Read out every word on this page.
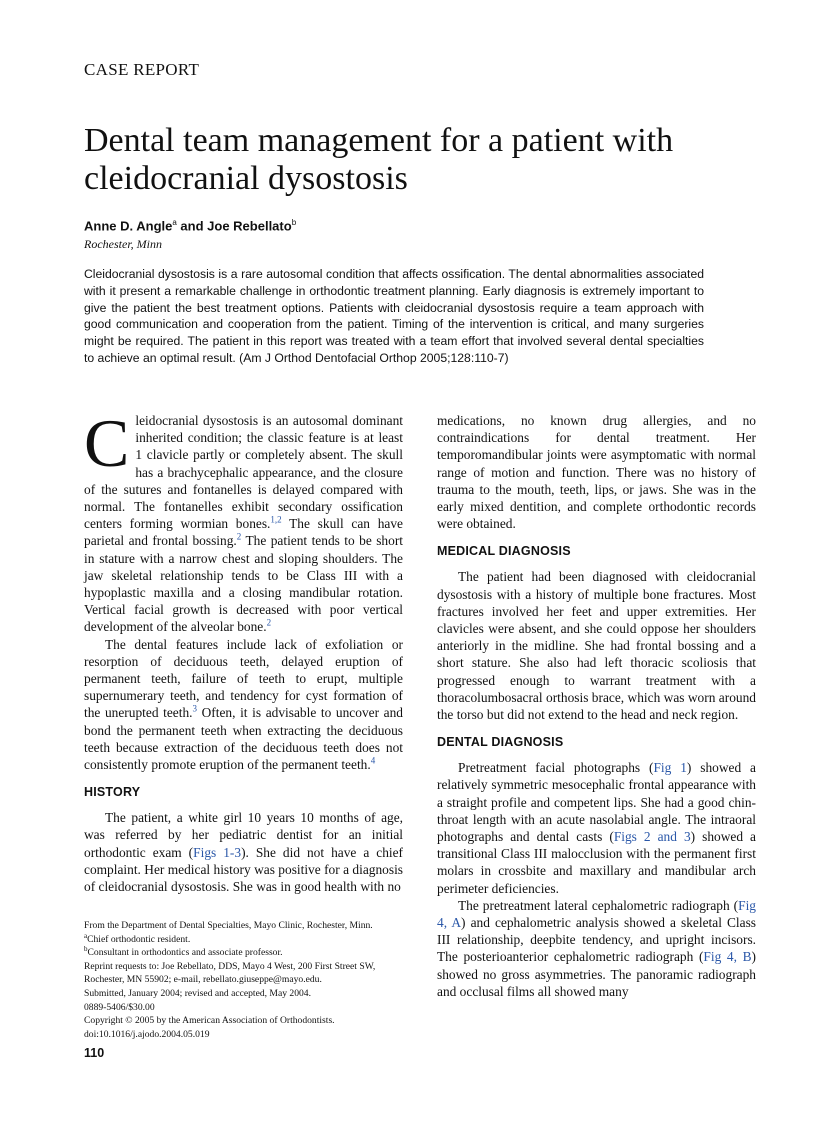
CASE REPORT
Dental team management for a patient with cleidocranial dysostosis
Anne D. Angle$^a$ and Joe Rebellato$^b$
Rochester, Minn

Cleidocranial dysostosis is a rare autosomal condition that affects ossification. The dental abnormalities associated with it present a remarkable challenge in orthodontic treatment planning. Early diagnosis is extremely important to give the patient the best treatment options. Patients with cleidocranial dysostosis require a team approach with good communication and cooperation from the patient. Timing of the intervention is critical, and many surgeries might be required. The patient in this report was treated with a team effort that involved several dental specialties to achieve an optimal result. (Am J Orthod Dentofacial Orthop 2005;128:110-7)

Cleidocranial dysostosis is an autosomal dominant inherited condition; the classic feature is at least 1 clavicle partly or completely absent. The skull has a brachycephalic appearance, and the closure of the sutures and fontanelles is delayed compared with normal. The fontanelles exhibit secondary ossification centers forming wormian bones.$^{1,2}$ The skull can have parietal and frontal bossing.$^2$ The patient tends to be short in stature with a narrow chest and sloping shoulders. The jaw skeletal relationship tends to be Class III with a hypoplastic maxilla and a closing mandibular rotation. Vertical facial growth is decreased with poor vertical development of the alveolar bone.$^2$

The dental features include lack of exfoliation or resorption of deciduous teeth, delayed eruption of permanent teeth, failure of teeth to erupt, multiple supernumerary teeth, and tendency for cyst formation of the unerupted teeth.$^3$ Often, it is advisable to uncover and bond the permanent teeth when extracting the deciduous teeth because extraction of the deciduous teeth does not consistently promote eruption of the permanent teeth.$^4$

HISTORY

The patient, a white girl 10 years 10 months of age, was referred by her pediatric dentist for an initial orthodontic exam (Figs 1-3). She did not have a chief complaint. Her medical history was positive for a diagnosis of cleidocranial dysostosis. She was in good health with no

From the Department of Dental Specialties, Mayo Clinic, Rochester, Minn.
$^a$Chief orthodontic resident.
$^b$Consultant in orthodontics and associate professor.
Reprint requests to: Joe Rebellato, DDS, Mayo 4 West, 200 First Street SW, Rochester, MN 55902; e-mail, rebellato.giuseppe@mayo.edu.
Submitted, January 2004; revised and accepted, May 2004.
0889-5406/$30.00
Copyright © 2005 by the American Association of Orthodontists.
doi:10.1016/j.ajodo.2004.05.019
110

medications, no known drug allergies, and no contraindications for dental treatment. Her temporomandibular joints were asymptomatic with normal range of motion and function. There was no history of trauma to the mouth, teeth, lips, or jaws. She was in the early mixed dentition, and complete orthodontic records were obtained.

MEDICAL DIAGNOSIS

The patient had been diagnosed with cleidocranial dysostosis with a history of multiple bone fractures. Most fractures involved her feet and upper extremities. Her clavicles were absent, and she could oppose her shoulders anteriorly in the midline. She had frontal bossing and a short stature. She also had left thoracic scoliosis that progressed enough to warrant treatment with a thoracolumbosacral orthosis brace, which was worn around the torso but did not extend to the head and neck region.

DENTAL DIAGNOSIS

Pretreatment facial photographs (Fig 1) showed a relatively symmetric mesocephalic frontal appearance with a straight profile and competent lips. She had a good chin-throat length with an acute nasolabial angle. The intraoral photographs and dental casts (Figs 2 and 3) showed a transitional Class III malocclusion with the permanent first molars in crossbite and maxillary and mandibular arch perimeter deficiencies.

The pretreatment lateral cephalometric radiograph (Fig 4, A) and cephalometric analysis showed a skeletal Class III relationship, deepbite tendency, and upright incisors. The posterioanterior cephalometric radiograph (Fig 4, B) showed no gross asymmetries. The panoramic radiograph and occlusal films all showed many
